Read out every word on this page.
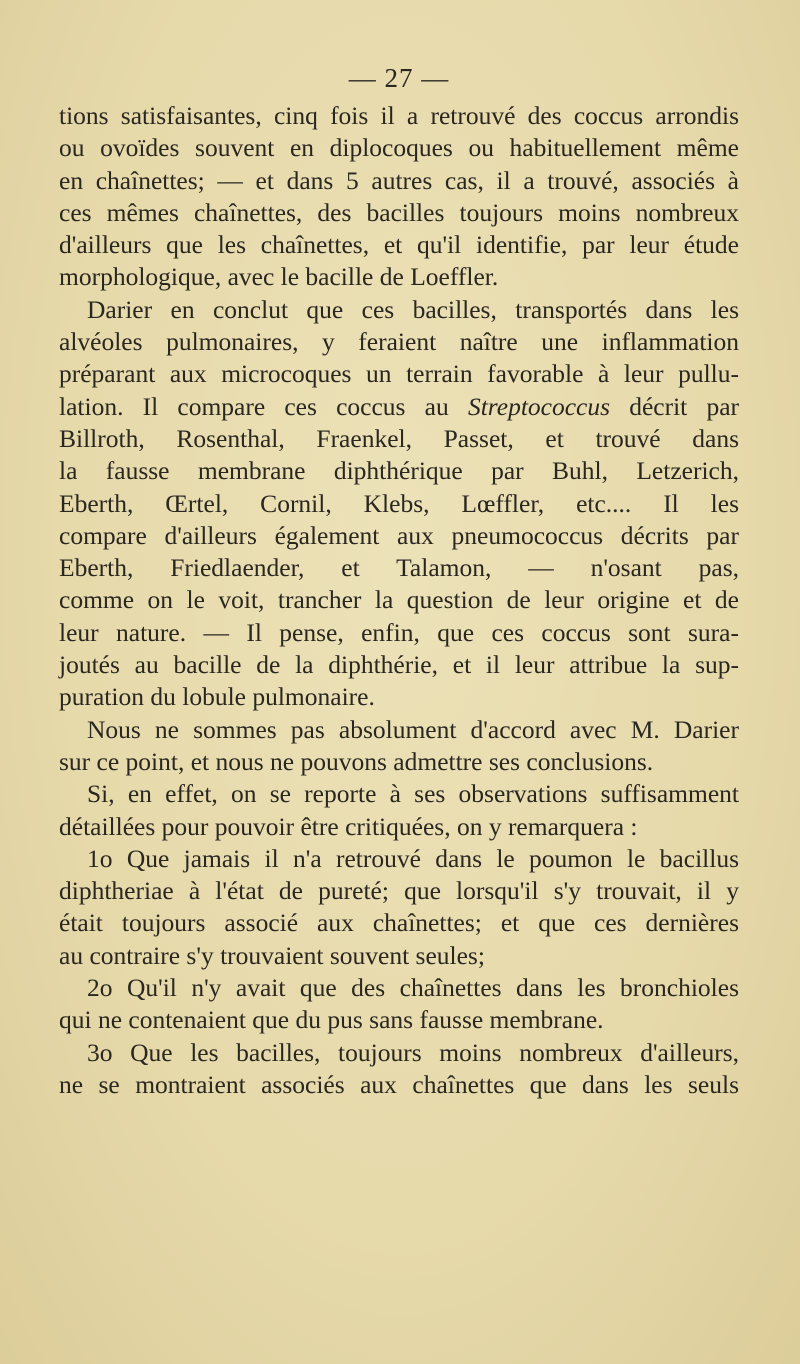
— 27 —
tions satisfaisantes, cinq fois il a retrouvé des coccus arrondis
ou ovoïdes souvent en diplocoques ou habituellement même
en chaînettes; — et dans 5 autres cas, il a trouvé, associés à
ces mêmes chaînettes, des bacilles toujours moins nombreux
d'ailleurs que les chaînettes, et qu'il identifie, par leur étude
morphologique, avec le bacille de Loeffler.
Darier en conclut que ces bacilles, transportés dans les
alvéoles pulmonaires, y feraient naître une inflammation
préparant aux microcoques un terrain favorable à leur pullu-
lation. Il compare ces coccus au Streptococcus décrit par
Billroth, Rosenthal, Fraenkel, Passet, et trouvé dans
la fausse membrane diphthérique par Buhl, Letzerich,
Eberth, Œrtel, Cornil, Klebs, Lœffler, etc.... Il les
compare d'ailleurs également aux pneumococcus décrits par
Eberth, Friedlaender, et Talamon, — n'osant pas,
comme on le voit, trancher la question de leur origine et de
leur nature. — Il pense, enfin, que ces coccus sont sura-
joutés au bacille de la diphthérie, et il leur attribue la sup-
puration du lobule pulmonaire.
Nous ne sommes pas absolument d'accord avec M. Darier
sur ce point, et nous ne pouvons admettre ses conclusions.
Si, en effet, on se reporte à ses observations suffisamment
détaillées pour pouvoir être critiquées, on y remarquera :
1o Que jamais il n'a retrouvé dans le poumon le bacillus
diphtheriae à l'état de pureté; que lorsqu'il s'y trouvait, il y
était toujours associé aux chaînettes; et que ces dernières
au contraire s'y trouvaient souvent seules;
2o Qu'il n'y avait que des chaînettes dans les bronchioles
qui ne contenaient que du pus sans fausse membrane.
3o Que les bacilles, toujours moins nombreux d'ailleurs,
ne se montraient associés aux chaînettes que dans les seuls
